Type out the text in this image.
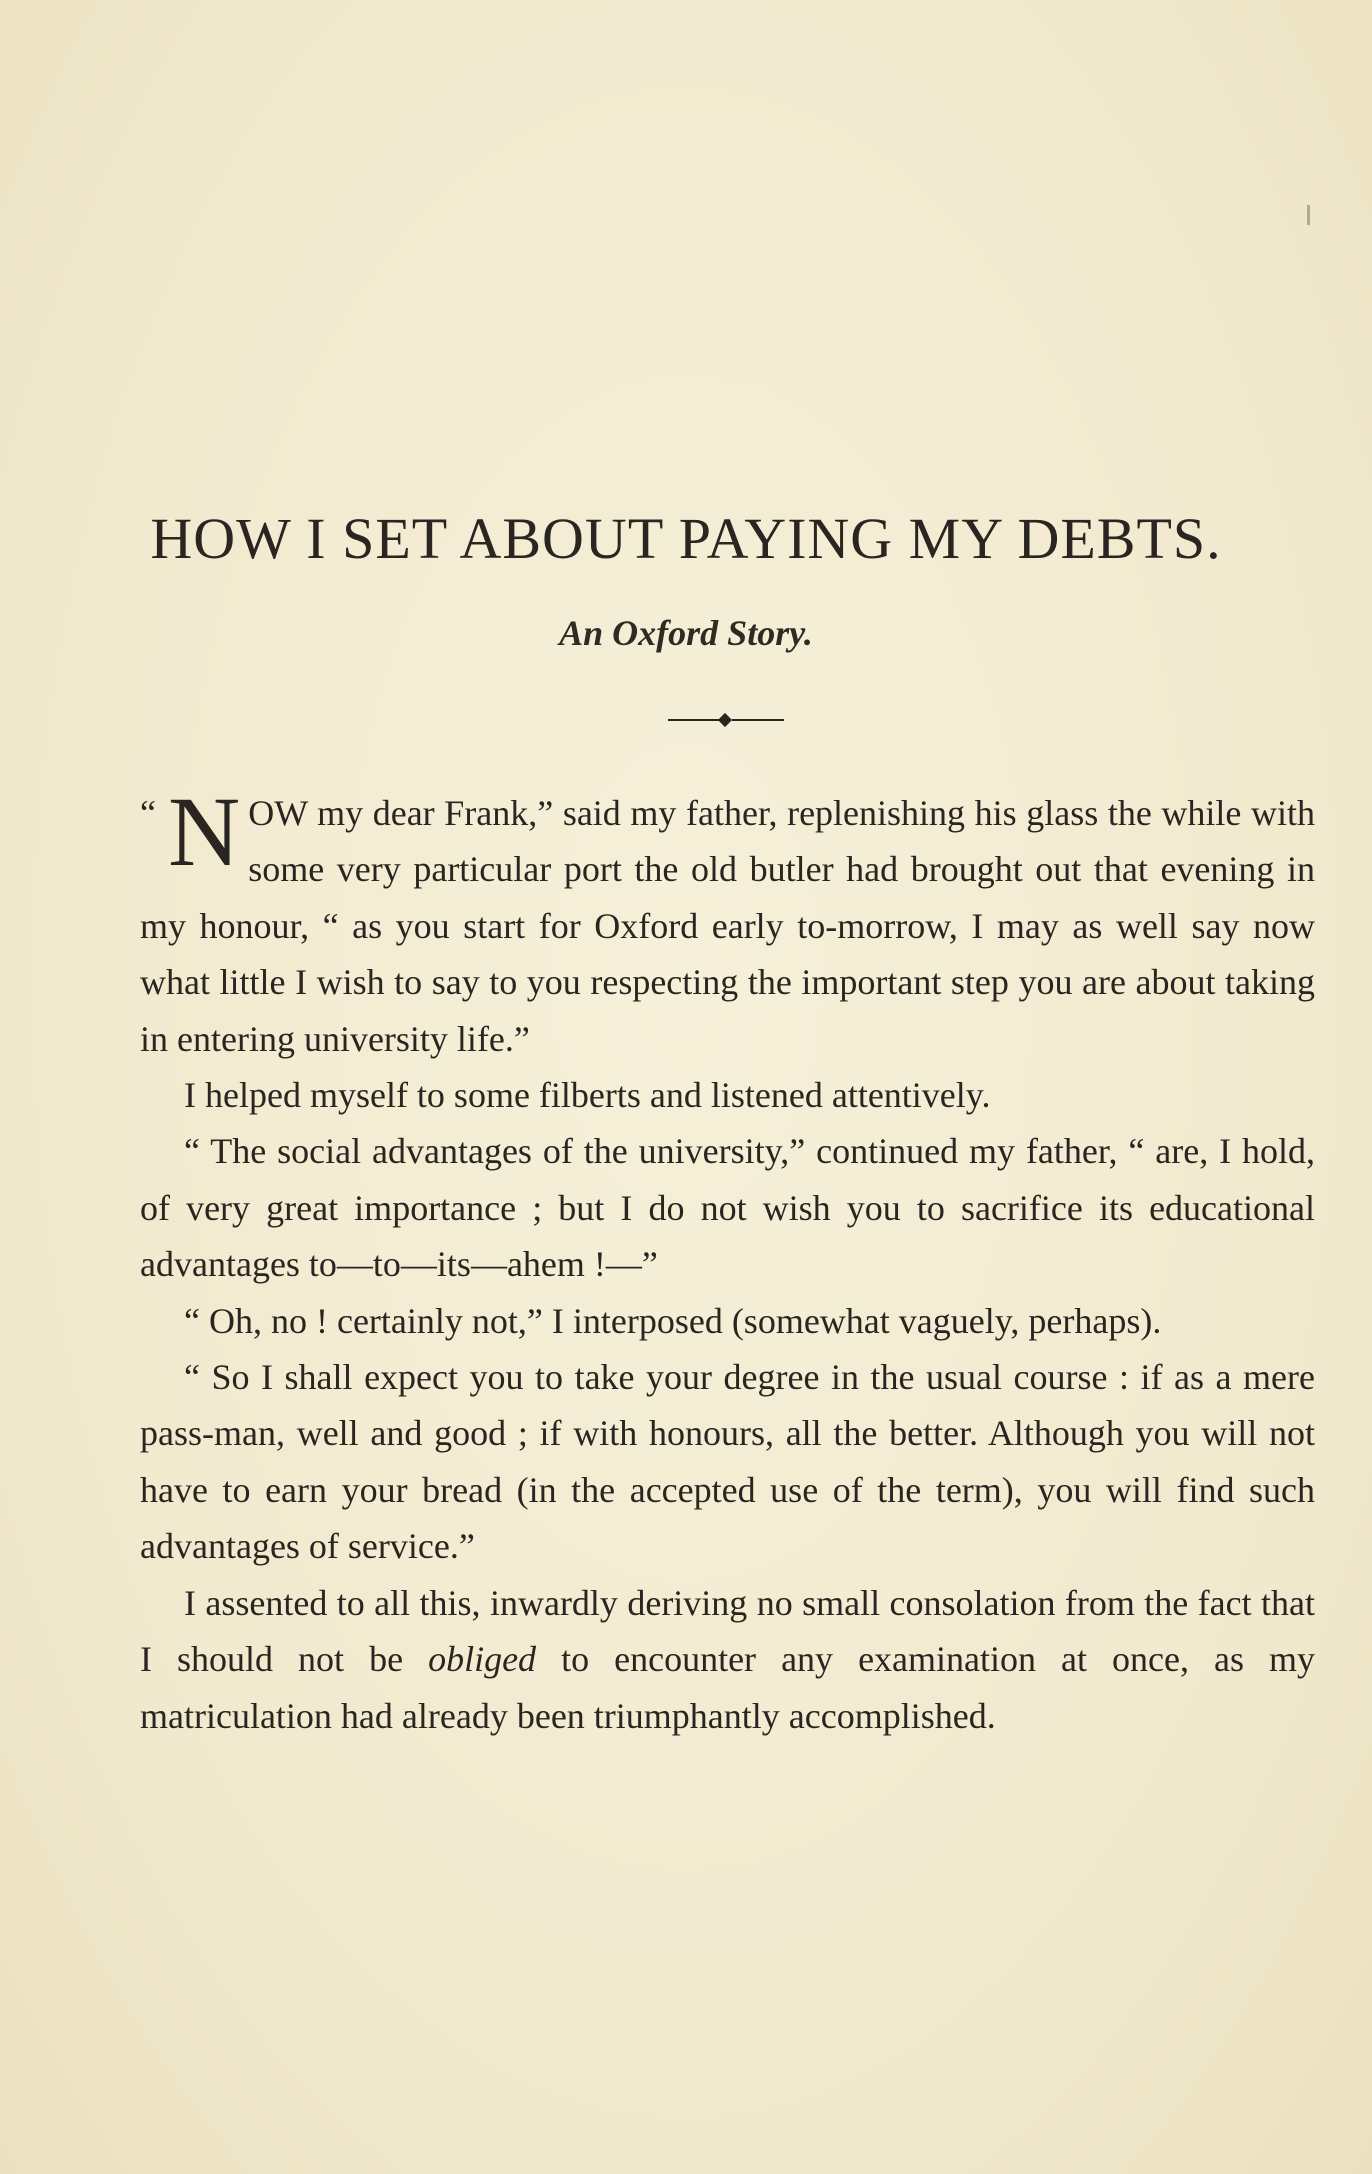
HOW I SET ABOUT PAYING MY DEBTS.
An Oxford Story.

“ N OW my dear Frank,” said my father, replenishing his glass the while with some very particular port the old butler had brought out that evening in my honour, “ as you start for Oxford early to-morrow, I may as well say now what little I wish to say to you respecting the important step you are about taking in entering university life.”

I helped myself to some filberts and listened attentively.

“ The social advantages of the university,” continued my father, “ are, I hold, of very great importance ; but I do not wish you to sacrifice its educational advantages to—to—its—ahem !—”

“ Oh, no ! certainly not,” I interposed (somewhat vaguely, perhaps).

“ So I shall expect you to take your degree in the usual course : if as a mere pass-man, well and good ; if with honours, all the better. Although you will not have to earn your bread (in the accepted use of the term), you will find such advantages of service.”

I assented to all this, inwardly deriving no small consolation from the fact that I should not be obliged to encounter any examination at once, as my matriculation had already been triumphantly accomplished.
